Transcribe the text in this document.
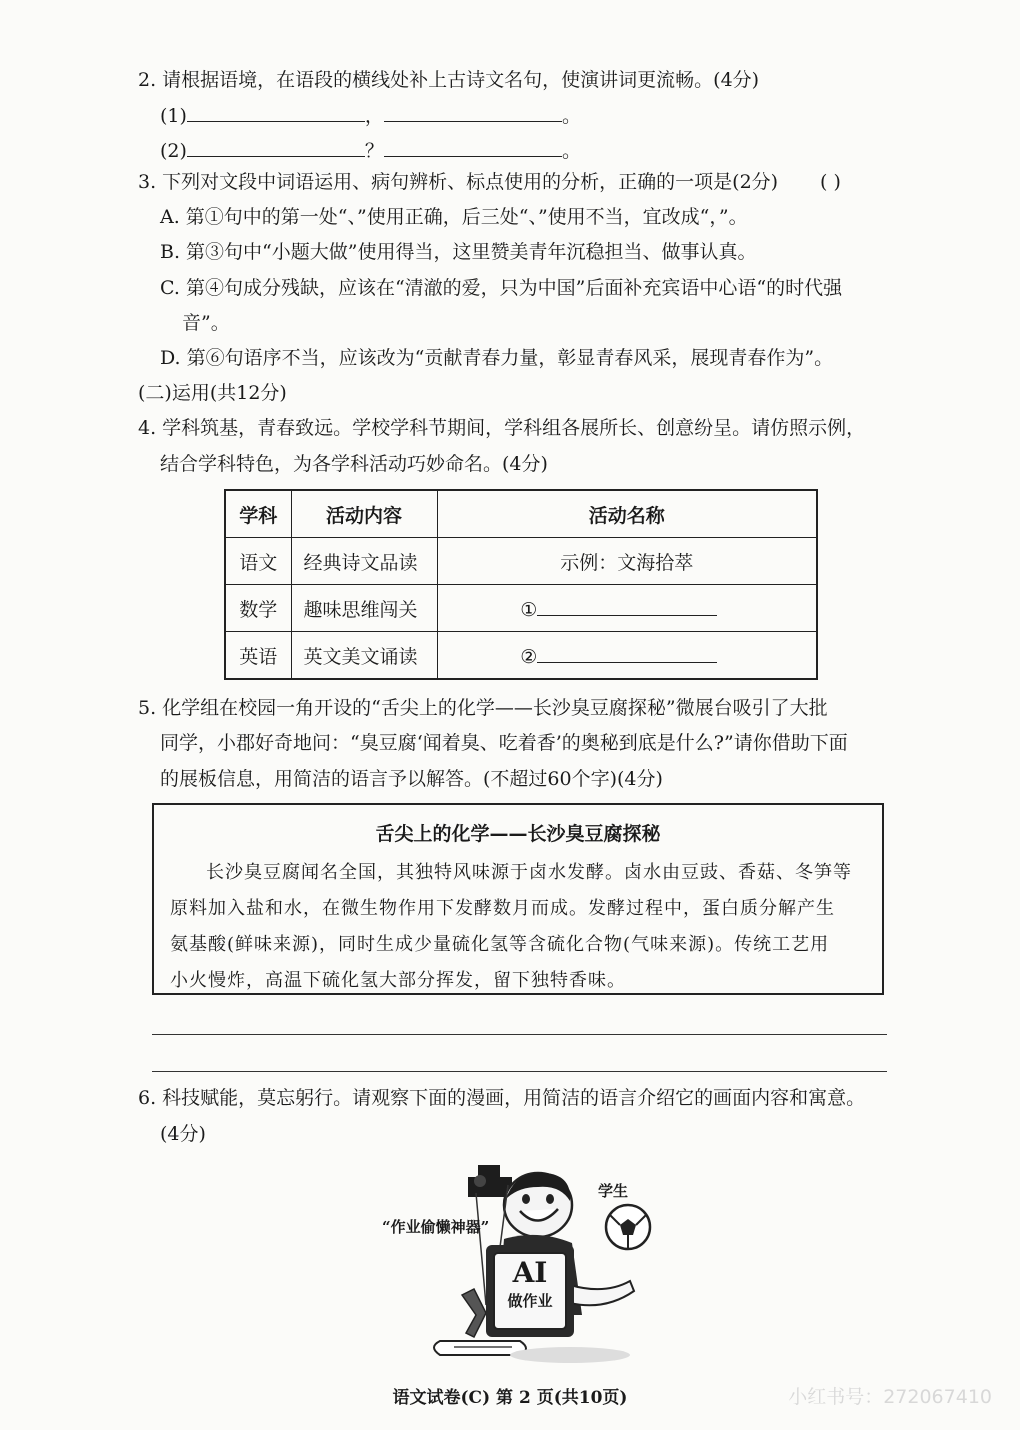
2. 请根据语境，在语段的横线处补上古诗文名句，使演讲词更流畅。(4分)
(1)	，	。
(2)	？	。
3. 下列对文段中词语运用、病句辨析、标点使用的分析，正确的一项是(2分) ( )
A. 第①句中的第一处“、”使用正确，后三处“、”使用不当，宜改成“，”。
B. 第③句中“小题大做”使用得当，这里赞美青年沉稳担当、做事认真。
C. 第④句成分残缺，应该在“清澈的爱，只为中国”后面补充宾语中心语“的时代强
音”。
D. 第⑥句语序不当，应该改为“贡献青春力量，彰显青春风采，展现青春作为”。
(二)运用(共12分)
4. 学科筑基，青春致远。学校学科节期间，学科组各展所长、创意纷呈。请仿照示例，
结合学科特色，为各学科活动巧妙命名。(4分)
学科	活动内容	活动名称
语文	经典诗文品读	示例：文海拾萃
数学	趣味思维闯关	①
英语	英文美文诵读	②
5. 化学组在校园一角开设的“舌尖上的化学——长沙臭豆腐探秘”微展台吸引了大批
同学，小郡好奇地问：“臭豆腐‘闻着臭、吃着香’的奥秘到底是什么?”请你借助下面
的展板信息，用简洁的语言予以解答。(不超过60个字)(4分)
舌尖上的化学——长沙臭豆腐探秘
长沙臭豆腐闻名全国，其独特风味源于卤水发酵。卤水由豆豉、香菇、冬笋等
原料加入盐和水，在微生物作用下发酵数月而成。发酵过程中，蛋白质分解产生
氨基酸(鲜味来源)，同时生成少量硫化氢等含硫化合物(气味来源)。传统工艺用
小火慢炸，高温下硫化氢大部分挥发，留下独特香味。
6. 科技赋能，莫忘躬行。请观察下面的漫画，用简洁的语言介绍它的画面内容和寓意。
(4分)
AI
做作业
“作业偷懒神器”
学生
语文试卷(C) 第 2 页(共10页)	小红书号：272067410
